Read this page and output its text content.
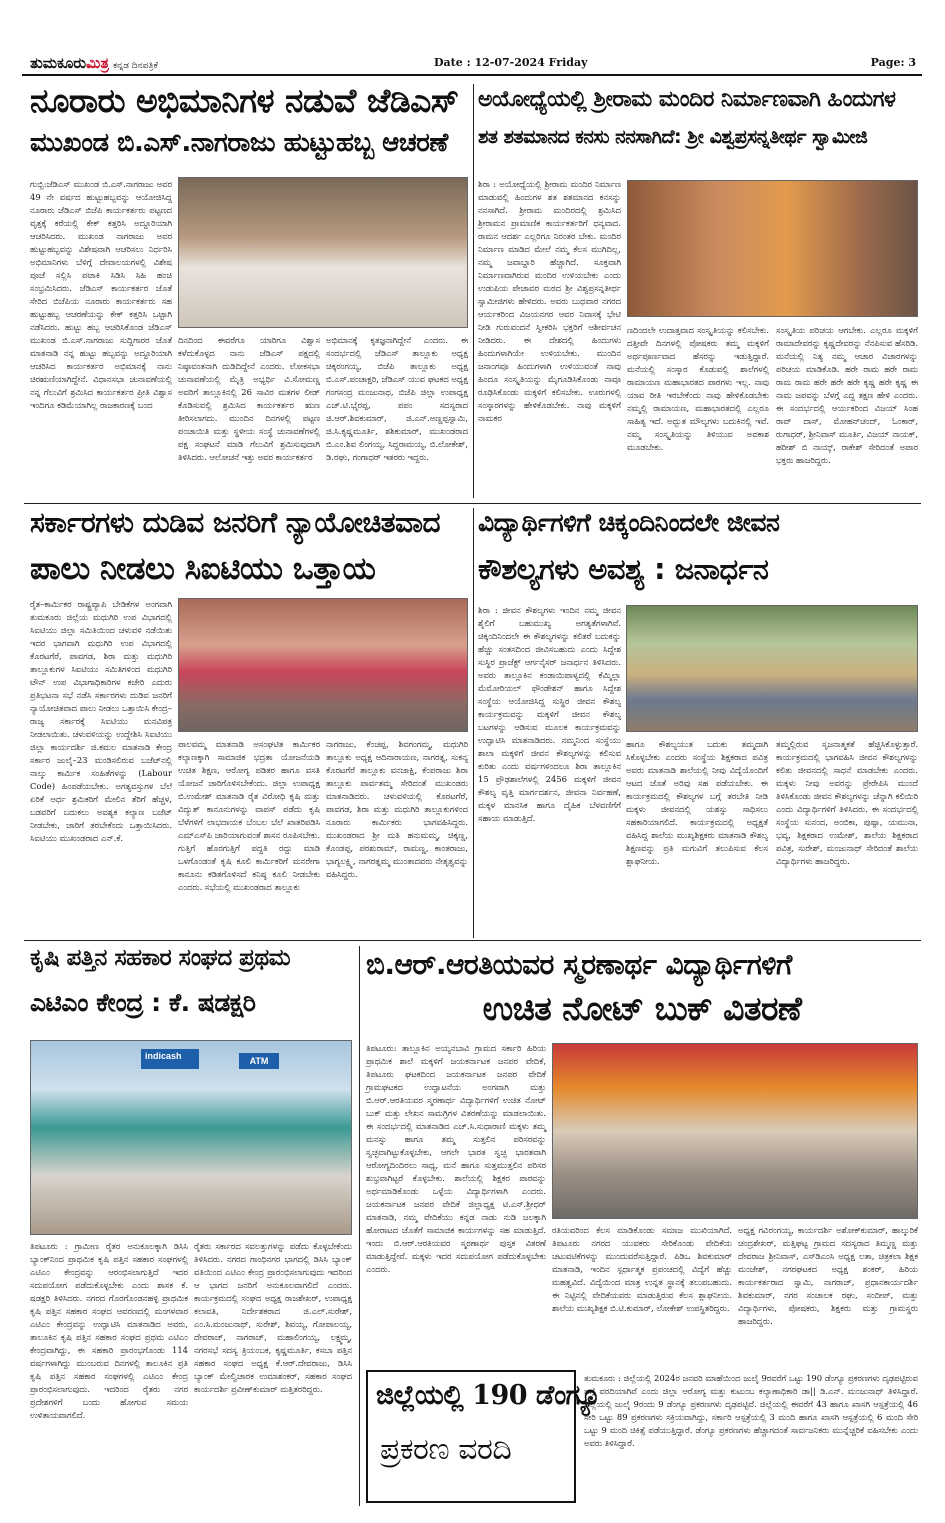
ತುಮಕೂರುಮಿತ್ರ ಕನ್ನಡ ದಿನಪತ್ರಿಕೆ	Date : 12-07-2024 Friday	Page: 3
ನೂರಾರು ಅಭಿಮಾನಿಗಳ ನಡುವೆ ಜೆಡಿಎಸ್
ಮುಖಂಡ ಬಿ.ಎಸ್.ನಾಗರಾಜು ಹುಟ್ಟುಹಬ್ಬ ಆಚರಣೆ
ಗುಬ್ಬಿ:ಜೆಡಿಎಸ್ ಮುಖಂಡ ಬಿ.ಎಸ್.ನಾಗರಾಜು ಅವರ 49 ನೇ ವರ್ಷದ ಹುಟ್ಟುಹಬ್ಬವನ್ನು ಆಯೋಜಿಸಿದ್ದ ನೂರಾರು ಜೆಡಿಎಸ್ ಬಿಜೆಪಿ ಕಾರ್ಯಕರ್ತರು ಪಟ್ಟಣದ ವೃತ್ತಕ್ಕೆ ಕರೆಯಲ್ಲಿ ಕೇಕ್ ಕತ್ತರಿಸಿ ಅದ್ದೂರಿಯಾಗಿ ಆಚರಿಸಿದರು. ಮುಖಂಡ ನಾಗರಾಜು ಅವರ ಹುಟ್ಟುಹಬ್ಬವನ್ನು ವಿಶೇಷವಾಗಿ ಆಚರಿಸಲು ನಿರ್ಧರಿಸಿ ಅಭಿಮಾನಿಗಳು ಬೆಳಿಗ್ಗೆ ದೇವಾಲಯಗಳಲ್ಲಿ ವಿಶೇಷ ಪೂಜೆ ಸಲ್ಲಿಸಿ ಪಟಾಕಿ ಸಿಡಿಸಿ ಸಿಹಿ ಹಂಚಿ ಸಂಭ್ರಮಿಸಿದರು. ಜೆಡಿಎಸ್ ಕಾರ್ಯಕರ್ತರ ಜೊತೆ ಸೇರಿದ ಬಿಜೆಪಿಯ ನೂರಾರು ಕಾರ್ಯಕರ್ತರು ಸಹ ಹುಟ್ಟುಹಬ್ಬ ಆಚರಣೆಯನ್ನು ಕೇಕ್ ಕತ್ತರಿಸಿ ಒಟ್ಟಾಗಿ ನಡೆಸಿದರು. ಹುಟ್ಟು ಹಬ್ಬ ಆಚರಿಸಿಕೊಂಡ ಜೆಡಿಎಸ್ ಮುಖಂಡ ಬಿ.ಎಸ್.ನಾಗರಾಜು ಸುದ್ದಿಗಾರರ ಜೊತೆ ಮಾತನಾಡಿ ನನ್ನ ಹುಟ್ಟು ಹಬ್ಬವನ್ನು ಅದ್ದೂರಿಯಾಗಿ ಆಚರಿಸಿದ ಕಾರ್ಯಕರ್ತರ ಅಭಿಮಾನಕ್ಕೆ ನಾನು ಚಿರಋಣಿಯಾಗಿದ್ದೇನೆ. ವಿಧಾನಸಭಾ ಚುನಾವಣೆಯಲ್ಲಿ ನನ್ನ ಗೆಲುವಿಗೆ ಶ್ರಮಿಸಿದ ಕಾರ್ಯಕರ್ತರ ಪ್ರೀತಿ ವಿಶ್ವಾಸ ಇಂದಿಗೂ ಕಡಿಮೆಯಾಗಿಲ್ಲ ರಾಜಕಾರಣಕ್ಕೆ ಬಂದ
ದಿನದಿಂದ ಈವರೆಗೂ ಯಾರಿಗೂ ವಿಶ್ವಾಸ ಕಳೆದುಕೊಳ್ಳದ ನಾನು ಜೆಡಿಎಸ್ ಪಕ್ಷದಲ್ಲಿ ನಿಷ್ಠಾವಂತನಾಗಿ ದುಡಿದಿದ್ದೇನೆ ಎಂದರು. ಲೋಕಸಭಾ ಚುನಾವಣೆಯಲ್ಲಿ ಮೈತ್ರಿ ಅಭ್ಯರ್ಥಿ ವಿ.ಸೋಮಣ್ಣ ಅವರಿಗೆ ತಾಲ್ಲೂಕಿನಲ್ಲಿ 26 ಸಾವಿರ ಮತಗಳ ಲೀಡ್ ಕೊಡಿಸುವಲ್ಲಿ ಶ್ರಮಿಸಿದ ಕಾರ್ಯಕರ್ತರ ಋಣ ತೀರಿಸಲಾಗದು. ಮುಂದಿನ ದಿನಗಳಲ್ಲಿ ಪಟ್ಟಣ ಪಂಚಾಯಿತಿ ಮತ್ತು ಸ್ಥಳೀಯ ಸಂಸ್ಥೆ ಚುನಾವಣೆಗಳಲ್ಲಿ ಪಕ್ಷ ಸಂಘಟನೆ ಮಾಡಿ ಗೆಲುವಿಗೆ ಶ್ರಮಿಸುವುದಾಗಿ ತಿಳಿಸಿದರು. ಆಲೋಚನೆ ಇತ್ತು ಅವರ ಕಾರ್ಯಕರ್ತರ
ಅಭಿಮಾನಕ್ಕೆ ಕೃತಜ್ಞನಾಗಿದ್ದೇನೆ ಎಂದರು. ಈ ಸಂದರ್ಭದಲ್ಲಿ ಜೆಡಿಎಸ್ ತಾಲ್ಲೂಕು ಅಧ್ಯಕ್ಷ ಚಿಕ್ಕರಂಗಯ್ಯ, ಬಿಜೆಪಿ ತಾಲ್ಲೂಕು ಅಧ್ಯಕ್ಷ ಬಿ.ಎಸ್.ಪಂಚಾಕ್ಷರಿ, ಜೆಡಿಎಸ್ ಯುವ ಘಟಕದ ಅಧ್ಯಕ್ಷ ಗಂಗಸಂದ್ರ ಮಂಜುನಾಥ, ಬಿಜೆಪಿ ಜಿಲ್ಲಾ ಉಪಾಧ್ಯಕ್ಷ ಎಚ್.ಟಿ.ಭೈರಪ್ಪ, ಪಪಂ ಸದಸ್ಯರಾದ ಜಿ.ಆರ್.ಶಿವಕುಮಾರ್, ಜಿ.ಎನ್.ಅಣ್ಣಪ್ಪಸ್ವಾಮಿ, ಜಿ.ಸಿ.ಕೃಷ್ಣಮೂರ್ತಿ, ಶಶಿಕುಮಾರ್, ಮುಖಂಡರಾದ ಬಿ.ಎಂ.ಶಿವ ಲಿಂಗಯ್ಯ, ಸಿದ್ದರಾಮಯ್ಯ, ಬಿ.ಲೋಕೇಶ್, ಡಿ.ರಘು, ಗಂಗಾಧರ್ ಇತರರು ಇದ್ದರು.
ಅಯೋಧ್ಯೆಯಲ್ಲಿ ಶ್ರೀರಾಮ ಮಂದಿರ ನಿರ್ಮಾಣವಾಗಿ ಹಿಂದುಗಳ
ಶತ ಶತಮಾನದ ಕನಸು ನನಸಾಗಿದೆ: ಶ್ರೀ ವಿಶ್ವಪ್ರಸನ್ನತೀರ್ಥ ಸ್ವಾಮೀಜಿ
ಶಿರಾ : ಅಯೋಧ್ಯೆಯಲ್ಲಿ ಶ್ರೀರಾಮ ಮಂದಿರ ನಿರ್ಮಾಣ ಮಾಡುವಲ್ಲಿ ಹಿಂದುಗಳ ಶತ ಶತಮಾನದ ಕನಸನ್ನು ನನಸಾಗಿದೆ. ಶ್ರೀರಾಮ ಮಂದಿರದಲ್ಲಿ ಶ್ರಮಿಸಿದ ಶ್ರೀರಾಮನ ಪ್ರಾಮಾಣಿಕ ಕಾರ್ಯಕರ್ತರಿಗೆ ಧನ್ಯವಾದ. ರಾಮನ ಆದರ್ಶ ಎಲ್ಲರಿಗೂ ನಿರಂತರ ಬೇಕು. ಮಂದಿರ ನಿರ್ಮಾಣ ಮಾಡಿದ ಮೇಲೆ ನಮ್ಮ ಕೆಲಸ ಮುಗಿದಿಲ್ಲ, ನಮ್ಮ ಜವಾಬ್ದಾರಿ ಹೆಚ್ಚಾಗಿದೆ. ಸೂಕ್ತವಾಗಿ ನಿರ್ಮಾಣವಾಗಿರುವ ಮಂದಿರ ಉಳಿಯಬೇಕು ಎಂದು ಉಡುಪಿಯ ಪೇಜಾವರ ಮಠದ ಶ್ರೀ ವಿಶ್ವಪ್ರಸನ್ನತೀರ್ಥ ಸ್ವಾಮೀಜಿಗಳು ಹೇಳಿದರು. ಅವರು ಬುಧವಾರ ನಗರದ ಆರ್ಯಕರಿಂದ ವಿಜಯನಗರ ಆವರ ನಿವಾಸಕ್ಕೆ ಭೇಟಿ ನೀಡಿ ಗುರುವಂದನೆ ಸ್ವೀಕರಿಸಿ ಭಕ್ತರಿಗೆ ಆಶೀರ್ವಚನ ನೀಡಿದರು. ಈ ದೇಶದಲ್ಲಿ ಹಿಂದುಗಳು ಹಿಂದುಗಳಾಗಿಯೇ ಉಳಿಯಬೇಕು. ಮುಂದಿನ ಜನಾಂಗವೂ ಹಿಂದುಗಳಾಗಿ ಉಳಿಯುವಂತೆ ನಾವು ಹಿಂದೂ ಸಂಸ್ಕೃತಿಯನ್ನು ಮೈಗೂಡಿಸಿಕೊಂಡು ನಾವೂ ರೂಢಿಸಿಕೊಂಡು ಮಕ್ಕಳಿಗೆ ಕಲಿಸಬೇಕು. ಊರುಗಳಲ್ಲಿ ಸಂಸ್ಕಾರಗಳನ್ನು ಹೇಳಿಕೊಡಬೇಕು. ನಾವು ಮಕ್ಕಳಿಗೆ ನಾಮಕರ
ಣದಿಂದಲೇ ಉದಾತ್ತವಾದ ಸಂಸ್ಕೃತಿಯನ್ನು ಕಲಿಸಬೇಕು. ದತ್ತೀವೇ ದಿನಗಳಲ್ಲಿ ಪೋಷಕರು ತಮ್ಮ ಮಕ್ಕಳಿಗೆ ಅರ್ಥಪೂರ್ಣವಾದ ಹೆಸರನ್ನು ಇಡುತ್ತಿದ್ದಾರೆ. ಮನೆಯಲ್ಲಿ ಸಂಸ್ಕಾರ ಕೊಡುವಲ್ಲಿ ಶಾಲೆಗಳಲ್ಲಿ ರಾಮಾಯಣ ಮಹಾಭಾರತದ ಪಾಠಗಳು ಇಲ್ಲ. ನಾವು ಯಾವ ರೀತಿ ಇರಬೇಕೆಂದು ನಾವು ಹೇಳಿಕೊಡಬೇಕು ನಮ್ಮಲ್ಲಿ ರಾಮಾಯಣ, ಮಹಾಭಾರತದಲ್ಲಿ ಎಲ್ಲರೂ ಸಾಹಿತ್ಯ ಇದೆ. ಅದ್ಭುತ ಮೌಲ್ಯಗಳು ಬದುಕಿನಲ್ಲಿ ಇವೆ. ನಮ್ಮ ಸಂಸ್ಕೃತಿಯನ್ನು ತಿಳಿಯುವ ಅವಕಾಶ ಮೂಡಬೇಕು.
ಸಂಸ್ಕೃತಿಯ ಪರಿಚಯ ಆಗಬೇಕು. ಎಲ್ಲರೂ ಮಕ್ಕಳಿಗೆ ರಾಮಾದೇವರನ್ನು ಕೃಷ್ಣದೇವರನ್ನು ನೆನಪಿಸುವ ಹೆಸರಿಡಿ. ಮನೆಯಲ್ಲಿ ನಿತ್ಯ ನಮ್ಮ ಆಚಾರ ವಿಚಾರಗಳನ್ನು ಪರಿಚಯ ಮಾಡಿಕೊಡಿ. ಹರೇ ರಾಮ ಹರೇ ರಾಮ ರಾಮ ರಾಮ ಹರೇ ಹರೇ ಹರೇ ಕೃಷ್ಣ ಹರೇ ಕೃಷ್ಣ ಈ ನಾಮ ಜಪವನ್ನು ಬೆಳಗ್ಗೆ ಎದ್ದ ತಕ್ಷಣ ಹೇಳಿ ಎಂದರು. ಈ ಸಂದರ್ಭದಲ್ಲಿ ಆರ್ಯಕರಿಂದ ವಿಜಯ್ ಸಿಂಹ ರಾವ್ ದಾಸ್, ಮೋಹನ್‌ಚಂದ್, ಓಂಕಾರ್, ರುಗಾಧರ್, ಶ್ರೀನಿವಾಸ್ ಮೂರ್ತಿ, ವಿಜಯ್ ನಾಯಕ್, ಹರೀಶ್ ಬಿ ನಾಯ್ಕ್, ರಾಕೇಶ್ ಸೇರಿದಂತೆ ಅಪಾರ ಭಕ್ತರು ಹಾಜರಿದ್ದರು.
ಸರ್ಕಾರಗಳು ದುಡಿವ ಜನರಿಗೆ ನ್ಯಾಯೋಚಿತವಾದ
ಪಾಲು ನೀಡಲು ಸಿಐಟಿಯು ಒತ್ತಾಯ
ರೈತ–ಕಾರ್ಮಿಕರ ರಾಷ್ಟ್ರವ್ಯಾಪಿ ಬೇಡಿಕೆಗಳ ಅಂಗವಾಗಿ ತುಮಕೂರು ಜಿಲ್ಲೆಯ ಮಧುಗಿರಿ ಉಪ ವಿಭಾಗದಲ್ಲಿ ಸಿಐಟಿಯು ಜಿಲ್ಲಾ ಸಮಿತಿಯಿಂದ ಚಳುವಳಿ ನಡೆಯಿತು ಇದರ ಭಾಗವಾಗಿ ಮಧುಗಿರಿ ಉಪ ವಿಭಾಗದಲ್ಲಿ ಕೊರಟಗೆರೆ, ಪಾವಗಡ, ಶಿರಾ ಮತ್ತು ಮಧುಗಿರಿ ತಾಲ್ಲೂಕುಗಳ ಸಿಐಟಿಯು ಸಮಿತಿಗಳಿಂದ ಮಧುಗಿರಿ ಟೌನ್ ಉಪ ವಿಭಾಗಾಧಿಕಾರಿಗಳ ಕಚೇರಿ ಎದುರು ಪ್ರತಿಭಟನಾ ಸಭೆ ನಡೆಸಿ ಸರ್ಕಾರಗಳು ದುಡಿವ ಜನರಿಗೆ ನ್ಯಾಯೋಚಿತವಾದ ಪಾಲು ನೀಡಲು ಒತ್ತಾಯಿಸಿ ಕೇಂದ್ರ–ರಾಜ್ಯ ಸರ್ಕಾರಕ್ಕೆ ಸಿಐಟಿಯು ಮನವಿಪತ್ರ ನೀಡಲಾಯಿತು. ಚಳುವಳಿಯನ್ನು ಉದ್ದೇಶಿಸಿ ಸಿಐಟಿಯು ಜಿಲ್ಲಾ ಕಾರ್ಯದರ್ಶಿ ಜಿ.ಕಮಲ ಮಾತನಾಡಿ ಕೇಂದ್ರ ಸರ್ಕಾರ ಜುಲೈ–23 ಮಂಡಿಸಲಿರುವ ಬಜೆಟ್‌ನಲ್ಲಿ ನಾಲ್ಕು ಕಾರ್ಮಿಕ ಸಂಹಿತೆಗಳನ್ನು (Labour Code) ಹಿಂಪಡೆಯಬೇಕು. ಅಗತ್ಯವಸ್ತುಗಳ ಬೆಲೆ ಏರಿಕೆ ಅರ್ಧ ಶ್ರಮಿಕರಿಗೆ ಮೇಲಿನ ತೆರಿಗೆ ಹೆಚ್ಚಳ, ಬಡವರಿಗೆ ಬದುಕಲು ಅವಶ್ಯಕ ಕಲ್ಯಾಣ ಬಜೆಟ್ ನೀಡಬೇಕು, ಜಾರಿಗೆ ತರಬೇಕೆಂದು ಒತ್ತಾಯಿಸಿದರು. ಸಿಐಟಿಯು ಮುಖಂಡರಾದ ಎನ್.ಕೆ.
ಪಾಲವಮ್ಮ ಮಾತನಾಡಿ ಅಸಂಘಟಿತ ಕಾರ್ಮಿಕರ ಕಲ್ಯಾಣಕ್ಕಾಗಿ ಸಾಮಾಜಿಕ ಭದ್ರತಾ ಯೋಜನೆಯಡಿ ಉಚಿತ ಶಿಕ್ಷಣ, ಆರೋಗ್ಯ ಪಡಿತರ ಹಾಗೂ ವಸತಿ ಯೋಜನೆ ಜಾರಿಗೊಳಿಸಬೇಕೆಂದು. ಜಿಲ್ಲಾ ಉಪಾಧ್ಯಕ್ಷ ಬಿ.ಉಮೇಶ್ ಮಾತನಾಡಿ ರೈತ ವಿರೋಧಿ ಕೃಷಿ ಮತ್ತು ವಿದ್ಯುತ್ ಕಾನೂನುಗಳನ್ನು ವಾಪಸ್ ಪಡೆದು ಕೃಷಿ ಬೆಳೆಗಳಿಗೆ ಲಾಭದಾಯಕ ಬೆಂಬಲ ಬೆಲೆ ಖಾತರಿಪಡಿಸಿ ಎಮ್‌ಎಸ್‌ಪಿ ಜಾರಿಯಾಗುವಂತೆ ಶಾಸನ ರೂಪಿಸಬೇಕು. ಗುತ್ತಿಗೆ ಹೊರಗುತ್ತಿಗೆ ಪದ್ಧತಿ ರದ್ದು ಮಾಡಿ ಒಳಗೊಂಡಂತೆ ಕೃಷಿ ಕೂಲಿ ಕಾರ್ಮಿಕರಿಗೆ ಮನರೇಗಾ ಕಾನೂನು ಕಡಿತಗೊಳಿಸದೆ ಕನಿಷ್ಠ ಕೂಲಿ ನೀಡಬೇಕು ಎಂದರು. ಸಭೆಯಲ್ಲಿ ಮುಖಂಡರಾದ ತಾಲ್ಲೂಕು
ನಾಗರಾಜು, ಕೆಂಚಪ್ಪ, ಶಿವಗಂಗಮ್ಮ, ಮಧುಗಿರಿ ತಾಲ್ಲೂಕು ಅಧ್ಯಕ್ಷ ಆದಿನಾರಾಯಣ, ನಾಗರತ್ನ, ಸುಕನ್ಯ ಕೊರಟಗೆರೆ ತಾಲ್ಲೂಕು ವನಜಾಕ್ಷಿ, ಕೆಂಪರಾಜು ಶಿರಾ ತಾಲ್ಲೂಕು ಪಾರ್ವತಮ್ಮ ಸೇರಿದಂತೆ ಮುಖಂಡರು ಮಾತನಾಡಿದರು. ಚಳುವಳಿಯಲ್ಲಿ ಕೊರಟಗೆರೆ, ಪಾವಗಡ, ಶಿರಾ ಮತ್ತು ಮಧುಗಿರಿ ತಾಲ್ಲೂಕುಗಳಿಂದ ನೂರಾರು ಕಾರ್ಮಿಕರು ಭಾಗವಹಿಸಿದ್ದರು. ಮುಖಂಡರಾದ ಶ್ರೀ ಮತಿ ಹನುಮಮ್ಮ, ಚಿಕ್ಕಣ್ಣ, ಕೊಂಡಪ್ಪ, ಪರಶುರಾಮ್, ರಾಮಣ್ಣ, ಕಾಂತರಾಜು, ಭಾಗ್ಯಲಕ್ಷ್ಮಿ, ನಾಗರತ್ನಮ್ಮ ಮುಂತಾದವರು ನೇತೃತ್ವವನ್ನು ವಹಿಸಿದ್ದರು.
ವಿದ್ಯಾರ್ಥಿಗಳಿಗೆ ಚಿಕ್ಕಂದಿನಿಂದಲೇ ಜೀವನ
ಕೌಶಲ್ಯಗಳು ಅವಶ್ಯ : ಜನಾರ್ಧನ
ಶಿರಾ : ಜೀವನ ಕೌಶಲ್ಯಗಳು ಇಂದಿನ ನಮ್ಮ ಜೀವನ ಶೈಲಿಗೆ ಬಹುಮುಖ್ಯ ಅಗತ್ಯತೆಗಳಾಗಿವೆ. ಚಿಕ್ಕಂದಿನಿಂದಲೇ ಈ ಕೌಶಲ್ಯಗಳನ್ನು ಕಲಿತರೆ ಬದುಕನ್ನು ಹೆಚ್ಚು ಸಂತಸದಿಂದ ಜೀವಿಸಬಹುದು ಎಂದು ಸಿದ್ದೇಶ ಸುಸ್ಥಿರ ಪ್ರಾಜೆಕ್ಟ್ ಆರ್ಗನೈಸರ್ ಜನಾರ್ಧನ ತಿಳಿಸಿದರು. ಅವರು ತಾಲ್ಲೂಕಿನ ಕಂಡಾಯಿಪಾಳ್ಯದಲ್ಲಿ ಕೆಮ್ಮಿಲ್ಲಾ ಮೆಮೋರಿಯಲ್ ಫೌಂಡೇಶನ್ ಹಾಗೂ ಸಿದ್ದೇಶ ಸಂಸ್ಥೆಯ ಆಯೋಜಿಸಿದ್ದ ಸುಸ್ಥಿರ ಜೀವನ ಕೌಶಲ್ಯ ಕಾರ್ಯಕ್ರಮವನ್ನು ಮಕ್ಕಳಿಗೆ ಜೀವನ ಕೌಶಲ್ಯ ಬಟಗಳನ್ನು ಆಡಿಸುವ ಮೂಲಕ ಕಾರ್ಯಕ್ರಮವನ್ನು ಉದ್ಘಾಟಿಸಿ ಮಾತನಾಡಿದರು. ನಮ್ಮನಿಂದ ಸಂಸ್ಥೆಯು ಶಾಲಾ ಮಕ್ಕಳಿಗೆ ಜೀವನ ಕೌಶಲ್ಯಗಳನ್ನು ಕಲಿಸುವ ಕುರಿತು ಎಂದು ವರ್ಷಗಳಿಂದಲೂ ಶಿರಾ ತಾಲ್ಲೂಕಿನ 15 ಪ್ರೌಢಶಾಲೆಗಳಲ್ಲಿ 2456 ಮಕ್ಕಳಿಗೆ ಜೀವನ ಕೌಶಲ್ಯ ವೃತ್ತಿ ಮಾರ್ಗದರ್ಶನ, ಜೀವನಾ ನಿರ್ವಹಣೆ, ಮಕ್ಕಳ ಮಾನಸಿಕ ಹಾಗೂ ದೈಹಿಕ ಬೆಳವಣಿಗೆಗೆ ಸಹಾಯ ಮಾಡುತ್ತಿದೆ.
ಹಾಗೂ ಕೌಶಲ್ಯಯುತ ಬದುಕು ತಮ್ಮದಾಗಿ ಸಿಕೊಳ್ಳಬೇಕು ಎಂದರು ಸಂಸ್ಥೆಯ ಶಿಕ್ಷಕರಾದ ಪವಿತ್ರ ಅವರು ಮಾತನಾಡಿ ಶಾಲೆಯಲ್ಲಿ ನೀವು ವಿದ್ಯೆಯೊಂದಿಗೆ ಆಟದ ಜೊತೆ ಅರಿವು ಸಹ ಪಡೆಯಬೇಕು. ಈ ಕಾರ್ಯಕ್ರಮದಲ್ಲಿ ಕೌಶಲ್ಯಗಳ ಬಗ್ಗೆ ತರಬೇತಿ ನೀಡಿ ಮಕ್ಕಳು ಜೀವನದಲ್ಲಿ ಯಶಸ್ಸು ಸಾಧಿಸಲು ಸಹಕಾರಿಯಾಗಲಿದೆ. ಕಾರ್ಯಕ್ರಮದಲ್ಲಿ ಅಧ್ಯಕ್ಷತೆ ವಹಿಸಿದ್ದ ಶಾಲೆಯ ಮುಖ್ಯಶಿಕ್ಷಕರು ಮಾತನಾಡಿ ಕೌಶಲ್ಯ ಶಿಕ್ಷಣವನ್ನು ಪ್ರತಿ ಮಗುವಿಗೆ ತಲುಪಿಸುವ ಕೆಲಸ ಶ್ಲಾಘನೀಯ.
ತಮ್ಮಲ್ಲಿರುವ ಸೃಜನಾತ್ಮಕತೆ ಹೆಚ್ಚಿಸಿಕೊಳ್ಳುತ್ತಾರೆ. ಕಾರ್ಯಕ್ರಮದಲ್ಲಿ ಭಾಗವಹಿಸಿ ಜೀವನ ಕೌಶಲ್ಯಗಳನ್ನು ಕಲಿತು ಜೀವನದಲ್ಲಿ ಸಾಧನೆ ಮಾಡಬೇಕು ಎಂದರು. ಮಕ್ಕಳು ನೀವು ಅವರನ್ನು ಪ್ರೇರೇಪಿಸಿ ಮುಂದೆ ತಿಳಿಸಿಕೊಂಡು ಜೀವನ ಕೌಶಲ್ಯಗಳನ್ನು ಚೆನ್ನಾಗಿ ಕಲಿಯಿರಿ ಎಂದು ವಿದ್ಯಾರ್ಥಿಗಳಿಗೆ ತಿಳಿಸಿದರು. ಈ ಸಂದರ್ಭದಲ್ಲಿ ಸಂಸ್ಥೆಯ ಸುನಂದ, ಅಂಬಿಕಾ, ಪುಷ್ಪಾ, ಯಮುನಾ, ಭವ್ಯ, ಶಿಕ್ಷಕರಾದ ಉಮೇಶ್, ಶಾಲೆಯ ಶಿಕ್ಷಕರಾದ ಪವಿತ್ರ, ಸುರೇಶ್, ಮಂಜುನಾಥ್ ಸೇರಿದಂತೆ ಶಾಲೆಯ ವಿದ್ಯಾರ್ಥಿಗಳು ಹಾಜರಿದ್ದರು.
ಕೃಷಿ ಪತ್ತಿನ ಸಹಕಾರ ಸಂಘದ ಪ್ರಥಮ
ಎಟಿಎಂ ಕೇಂದ್ರ : ಕೆ. ಷಡಕ್ಷರಿ
indicash	ATM
ತಿಪಟೂರು : ಗ್ರಾಮೀಣ ರೈತರ ಅನುಕೂಲಕ್ಕಾಗಿ ಡಿಸಿಸಿ ಬ್ಯಾಂಕ್‌ನಿಂದ ಪ್ರಾಥಮಿಕ ಕೃಷಿ ಪತ್ತಿನ ಸಹಕಾರ ಸಂಘಗಳಲ್ಲಿ ಎಟಿಎಂ ಕೇಂದ್ರವನ್ನು ಆರಂಭಿಸಲಾಗುತ್ತಿದೆ ಇದರ ಸದುಪಯೋಗ ಪಡೆದುಕೊಳ್ಳಬೇಕು ಎಂದು ಶಾಸಕ ಕೆ. ಷಡಕ್ಷರಿ ತಿಳಿಸಿದರು. ನಗರದ ಗೊರಗೊಂಡನಹಳ್ಳಿ ಪ್ರಾಥಮಿಕ ಕೃಷಿ ಪತ್ತಿನ ಸಹಕಾರ ಸಂಘದ ಆವರಣದಲ್ಲಿ ಮಂಗಳವಾರ ಎಟಿಎಂ ಕೇಂದ್ರವನ್ನು ಉದ್ಘಾಟಿಸಿ ಮಾತನಾಡಿದ ಅವರು, ತಾಲೂಕಿನ ಕೃಷಿ ಪತ್ತಿನ ಸಹಕಾರ ಸಂಘದ ಪ್ರಥಮ ಎಟಿಎಂ ಕೇಂದ್ರವಾಗಿದ್ದು, ಈ ಸಹಕಾರಿ ಪ್ರಾರಂಭಗೊಂಡು 114 ವರ್ಷಗಳಾಗಿದ್ದು ಮುಂಬರುವ ದಿನಗಳಲ್ಲಿ ತಾಲೂಕಿನ ಪ್ರತಿ ಕೃಷಿ ಪತ್ತಿನ ಸಹಕಾರ ಸಂಘಗಳಲ್ಲಿ ಎಟಿಎಂ ಕೇಂದ್ರ ಪ್ರಾರಂಭಿಸಲಾಗುವುದು. ಇದರಿಂದ ರೈತರು ನಗರ ಪ್ರದೇಶಗಳಿಗೆ ಬಂದು ಹೋಗುವ ಸಮಯ ಉಳಿತಾಯವಾಗಲಿದೆ.
ರೈತರು ಸರ್ಕಾರದ ಸವಲತ್ತುಗಳನ್ನು ಪಡೆದು ಕೊಳ್ಳಬೇಕೆಂದು ತಿಳಿಸಿದರು. ನಗರದ ಗಾಂಧಿನಗರ ಭಾಗದಲ್ಲಿ ಡಿಸಿಸಿ ಬ್ಯಾಂಕ್ ವತಿಯಿಂದ ಎಟಿಎಂ ಕೇಂದ್ರ ಪ್ರಾರಂಭಿಸಲಾಗುವುದು ಇದರಿಂದ ಆ ಭಾಗದ ಜನರಿಗೆ ಅನುಕೂಲವಾಗಲಿದೆ ಎಂದರು. ಕಾರ್ಯಕ್ರಮದಲ್ಲಿ ಸಂಘದ ಅಧ್ಯಕ್ಷ ರಾಜಶೇಖರ್, ಉಪಾಧ್ಯಕ್ಷ ಕಲಾವತಿ, ನಿರ್ದೇಶಕರಾದ ಜಿ.ಎಲ್.ಸುರೇಶ್, ಎಂ.ಸಿ.ಮಂಜುನಾಥ್, ಸುರೇಶ್, ಶಿವಯ್ಯ, ಗೋಪಾಲಯ್ಯ, ದೇವರಾಜ್, ನಾಗರಾಜ್, ಮಹಾಲಿಂಗಯ್ಯ, ಲಕ್ಷ್ಮಮ್ಮ, ನಗರಸಭೆ ಸದಸ್ಯ ತ್ರಿಯಂಬಕ, ಕೃಷ್ಣಮೂರ್ತಿ, ಕಸಬಾ ಪತ್ತಿನ ಸಹಕಾರ ಸಂಘದ ಅಧ್ಯಕ್ಷ ಕೆ.ಆರ್.ದೇವರಾಜು, ಡಿಸಿಸಿ ಬ್ಯಾಂಕ್ ಮೇಲ್ವಿಚಾರಕ ಉಮಾಶಂಕರ್, ಸಹಕಾರ ಸಂಘದ ಕಾರ್ಯದರ್ಶಿ ಪ್ರವೀಣ್‌ಕುಮಾರ್ ಮತ್ತಿತರರಿದ್ದರು.
ಬಿ.ಆರ್.ಆರತಿಯವರ ಸ್ಮರಣಾರ್ಥ ವಿದ್ಯಾರ್ಥಿಗಳಿಗೆ
ಉಚಿತ ನೋಟ್ ಬುಕ್ ವಿತರಣೆ
ತಿಪಟೂರು: ತಾಲ್ಲೂಕಿನ ಅಯ್ಯನಬಾವಿ ಗ್ರಾಮದ ಸರ್ಕಾರಿ ಹಿರಿಯ ಪ್ರಾಥಮಿಕ ಶಾಲೆ ಮಕ್ಕಳಿಗೆ ಜಯಕರ್ನಾಟಕ ಜನಪರ ವೇದಿಕೆ, ತಿಪಟೂರು ಘಟಕದಿಂದ ಜಯಕರ್ನಾಟಕ ಜನಪರ ವೇದಿಕೆ ಗ್ರಾಮಘಟಕದ ಉದ್ಘಾಟನೆಯ ಅಂಗವಾಗಿ ಮತ್ತು ಬಿ.ಆರ್.ಆರತಿಯವರ ಸ್ಮರಣಾರ್ಥ ವಿದ್ಯಾರ್ಥಿಗಳಿಗೆ ಉಚಿತ ನೋಟ್ ಬುಕ್ ಮತ್ತು ಲೇಖನ ಸಾಮಗ್ರಿಗಳ ವಿತರಣೆಯನ್ನು ಮಾಡಲಾಯಿತು. ಈ ಸಂದರ್ಭದಲ್ಲಿ ಮಾತನಾಡಿದ ಎಚ್.ಸಿ.ಸುಧಾರಾಣಿ ಮಕ್ಕಳು ತಮ್ಮ ಮನಸ್ಸು ಹಾಗೂ ತಮ್ಮ ಸುತ್ತಲಿನ ಪರಿಸರವನ್ನು ಸ್ವಚ್ಛವಾಗಿಟ್ಟುಕೊಳ್ಳಬೇಕು, ಆಗಲೇ ಭಾರತ ಸ್ವಚ್ಛ ಭಾರತವಾಗಿ ಆರೋಗ್ಯದಿಂದಿರಲು ಸಾಧ್ಯ, ಮನೆ ಹಾಗೂ ಸುತ್ತಮುತ್ತಲಿನ ಪರಿಸರ ಶುಭ್ರವಾಗಿಟ್ಟರೆ ಕೊಳ್ಳಬೇಕು. ಶಾಲೆಯಲ್ಲಿ ಶಿಕ್ಷಕರ ಪಾಠವನ್ನು ಅರ್ಥಮಾಡಿಕೊಂಡು ಒಳ್ಳೆಯ ವಿದ್ಯಾರ್ಥಿಗಳಾಗಿ ಎಂದರು. ಜಯಕರ್ನಾಟಕ ಜನಪರ ವೇದಿಕೆ ಜಿಲ್ಲಾಧ್ಯಕ್ಷ ಟಿ.ಎಸ್.ಶ್ರೀಧರ್ ಮಾತನಾಡಿ, ನಮ್ಮ ವೇದಿಕೆಯು ಕನ್ನಡ ನಾಡು ನುಡಿ ಜಲಕ್ಕಾಗಿ ಹೋರಾಟದ ಜೊತೆಗೆ ಸಾಮಾಜಿಕ ಕಾರ್ಯಗಳನ್ನು ಸಹ ಮಾಡುತ್ತಿದೆ. ಇಂದು ಬಿ.ಆರ್.ಆರತಿಯವರ ಸ್ಮರಣಾರ್ಥ ಪುಸ್ತಕ ವಿತರಣೆ ಮಾಡುತ್ತಿದ್ದೇವೆ. ಮಕ್ಕಳು ಇದರ ಸದುಪಯೋಗ ಪಡೆದುಕೊಳ್ಳಬೇಕು ಎಂದರು.
ರತಿಯವರಿಂದ ಕೆಲಸ ಮಾಡಿಕೊಂಡು ಸಮಾಜ ಮುಖಿಯಾಗಿದೆ. ತಿಪಟೂರು ನಗರದ ಯುವಕರು ಸೇರಿಕೊಂಡು ವೇದಿಕೆಯ ಚಟುವಟಿಕೆಗಳನ್ನು ಮುಂದುವರೆಸುತ್ತಿದ್ದಾರೆ. ಪಿಡಿಒ ಶಿವಕುಮಾರ್ ಮಾತನಾಡಿ, ಇಂದಿನ ಸ್ಪರ್ಧಾತ್ಮಕ ಪ್ರಪಂಚದಲ್ಲಿ ವಿದ್ಯೆಗೆ ಹೆಚ್ಚು ಮಹತ್ವವಿದೆ. ವಿದ್ಯೆಯಿಂದ ಮಾತ್ರ ಉನ್ನತ ಸ್ಥಾನಕ್ಕೆ ತಲುಪಬಹುದು. ಈ ನಿಟ್ಟಿನಲ್ಲಿ ವೇದಿಕೆಯವರು ಮಾಡುತ್ತಿರುವ ಕೆಲಸ ಶ್ಲಾಘನೀಯ. ಶಾಲೆಯ ಮುಖ್ಯಶಿಕ್ಷಕ ಬಿ.ಟಿ.ಕುಮಾರ್, ಲೋಕೇಶ್ ಉಪಸ್ಥಿತರಿದ್ದರು.
ಅಧ್ಯಕ್ಷ ಗವಿರಂಗಯ್ಯ, ಕಾರ್ಯದರ್ಶಿ ಅಶೋಕ್‌ಕುಮಾರ್, ಹಾಲ್ಕುರಿಕೆ ಚಂದ್ರಶೇಖರ್, ಮತ್ತಿಘಟ್ಟ ಗ್ರಾಮದ ಸದಸ್ಯರಾದ ತಿಮ್ಮಣ್ಣ ಮತ್ತು ದೇವರಾಜ ಶ್ರೀನಿವಾಸ್, ಎಸ್‌ಡಿಎಂಸಿ ಅಧ್ಯಕ್ಷ ಲತಾ, ಚಿತ್ರಕಲಾ ಶಿಕ್ಷಕ ಮಂಜೇಶ್, ನಗರಘಟಕದ ಅಧ್ಯಕ್ಷ ಶಂಕರ್, ಹಿರಿಯ ಕಾರ್ಯಕರ್ತರಾದ ಸ್ವಾಮಿ, ನಾಗರಾಜ್, ಪ್ರಧಾನಕಾರ್ಯದರ್ಶಿ ಶಿವಕುಮಾರ್, ನಗರ ಸಂಚಾಲಕ ರಘು, ಸಂದೀಪ್, ಮತ್ತು ವಿದ್ಯಾರ್ಥಿಗಳು, ಪೋಷಕರು, ಶಿಕ್ಷಕರು ಮತ್ತು ಗ್ರಾಮಸ್ಥರು ಹಾಜರಿದ್ದರು.
ಜಿಲ್ಲೆಯಲ್ಲಿ 190 ಡೆಂಗ್ಯೂ
ಪ್ರಕರಣ ವರದಿ
ತುಮಕೂರು : ಜಿಲ್ಲೆಯಲ್ಲಿ 2024ರ ಜನವರಿ ಮಾಹೆಯಿಂದ ಜುಲೈ 9ರವರೆಗೆ ಒಟ್ಟು 190 ಡೆಂಗ್ಯೂ ಪ್ರಕರಣಗಳು ದೃಢಪಟ್ಟಿರುವ ಬಗ್ಗೆ ವರದಿಯಾಗಿವೆ ಎಂದು ಜಿಲ್ಲಾ ಆರೋಗ್ಯ ಮತ್ತು ಕುಟುಂಬ ಕಲ್ಯಾಣಾಧಿಕಾರಿ ಡಾ|| ಡಿ.ಎನ್. ಮಂಜುನಾಥ್ ತಿಳಿಸಿದ್ದಾರೆ. ಜಿಲ್ಲೆಯಲ್ಲಿ ಜುಲೈ 9ರಂದು 9 ಡೆಂಗ್ಯೂ ಪ್ರಕರಣಗಳು ದೃಢಪಟ್ಟಿವೆ. ಜಿಲ್ಲೆಯಲ್ಲಿ ಈವರೆಗೆ 43 ಹಾಗೂ ಖಾಸಗಿ ಆಸ್ಪತ್ರೆಯಲ್ಲಿ 46 ಸೇರಿ ಒಟ್ಟು 89 ಪ್ರಕರಣಗಳು ಸಕ್ರಿಯವಾಗಿದ್ದು, ಸರ್ಕಾರಿ ಆಸ್ಪತ್ರೆಯಲ್ಲಿ 3 ಮಂದಿ ಹಾಗೂ ಖಾಸಗಿ ಆಸ್ಪತ್ರೆಯಲ್ಲಿ 6 ಮಂದಿ ಸೇರಿ ಒಟ್ಟು 9 ಮಂದಿ ಚಿಕಿತ್ಸೆ ಪಡೆಯುತ್ತಿದ್ದಾರೆ. ಡೆಂಗ್ಯೂ ಪ್ರಕರಣಗಳು ಹೆಚ್ಚಾಗದಂತೆ ಸಾರ್ವಜನಿಕರು ಮುನ್ನೆಚ್ಚರಿಕೆ ವಹಿಸಬೇಕು ಎಂದು ಅವರು ತಿಳಿಸಿದ್ದಾರೆ.
